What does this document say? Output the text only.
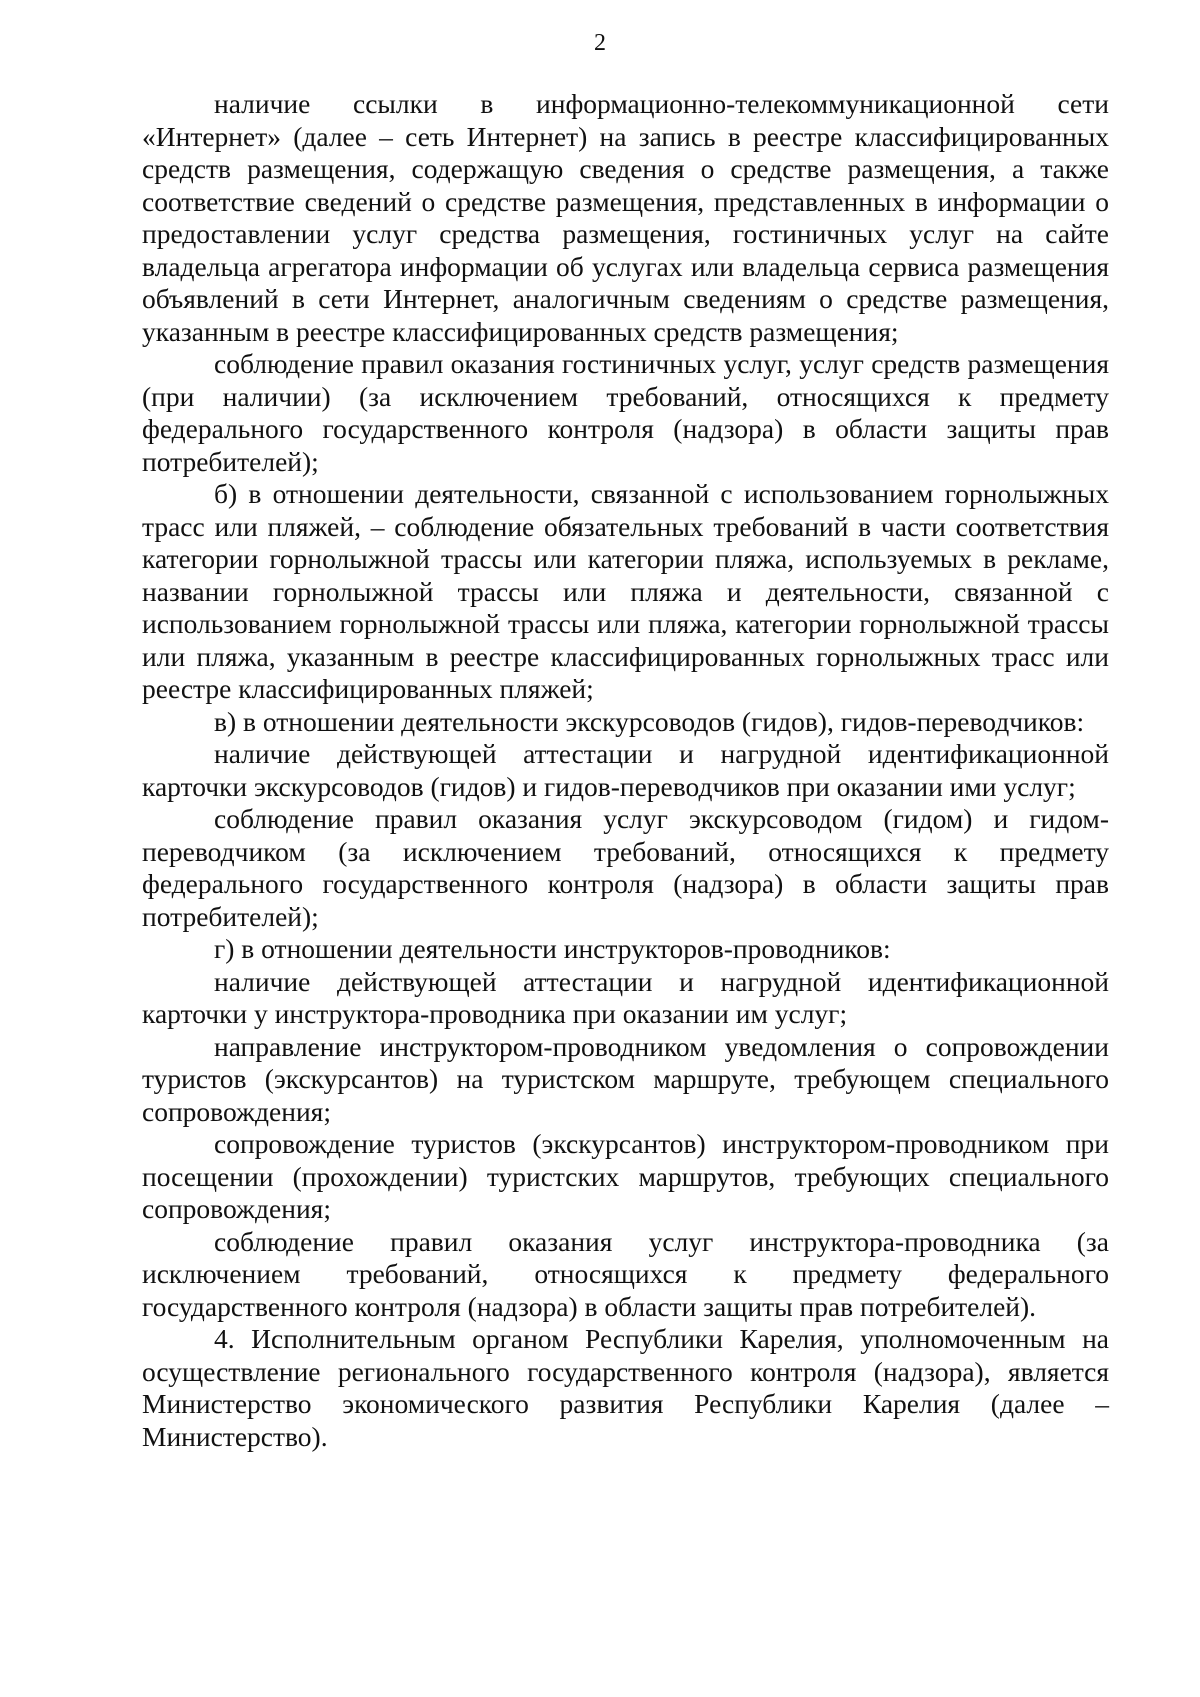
2

наличие ссылки в информационно-телекоммуникационной сети «Интернет» (далее – сеть Интернет) на запись в реестре классифицированных средств размещения, содержащую сведения о средстве размещения, а также соответствие сведений о средстве размещения, представленных в информации о предоставлении услуг средства размещения, гостиничных услуг на сайте владельца агрегатора информации об услугах или владельца сервиса размещения объявлений в сети Интернет, аналогичным сведениям о средстве размещения, указанным в реестре классифицированных средств размещения;

соблюдение правил оказания гостиничных услуг, услуг средств размещения (при наличии) (за исключением требований, относящихся к предмету федерального государственного контроля (надзора) в области защиты прав потребителей);

б) в отношении деятельности, связанной с использованием горнолыжных трасс или пляжей, – соблюдение обязательных требований в части соответствия категории горнолыжной трассы или категории пляжа, используемых в рекламе, названии горнолыжной трассы или пляжа и деятельности, связанной с использованием горнолыжной трассы или пляжа, категории горнолыжной трассы или пляжа, указанным в реестре классифицированных горнолыжных трасс или реестре классифицированных пляжей;

в) в отношении деятельности экскурсоводов (гидов), гидов-переводчиков:

наличие действующей аттестации и нагрудной идентификационной карточки экскурсоводов (гидов) и гидов-переводчиков при оказании ими услуг;

соблюдение правил оказания услуг экскурсоводом (гидом) и гидом-переводчиком (за исключением требований, относящихся к предмету федерального государственного контроля (надзора) в области защиты прав потребителей);

г) в отношении деятельности инструкторов-проводников:

наличие действующей аттестации и нагрудной идентификационной карточки у инструктора-проводника при оказании им услуг;

направление инструктором-проводником уведомления о сопровождении туристов (экскурсантов) на туристском маршруте, требующем специального сопровождения;

сопровождение туристов (экскурсантов) инструктором-проводником при посещении (прохождении) туристских маршрутов, требующих специального сопровождения;

соблюдение правил оказания услуг инструктора-проводника (за исключением требований, относящихся к предмету федерального государственного контроля (надзора) в области защиты прав потребителей).

4. Исполнительным органом Республики Карелия, уполномоченным на осуществление регионального государственного контроля (надзора), является Министерство экономического развития Республики Карелия (далее – Министерство).
